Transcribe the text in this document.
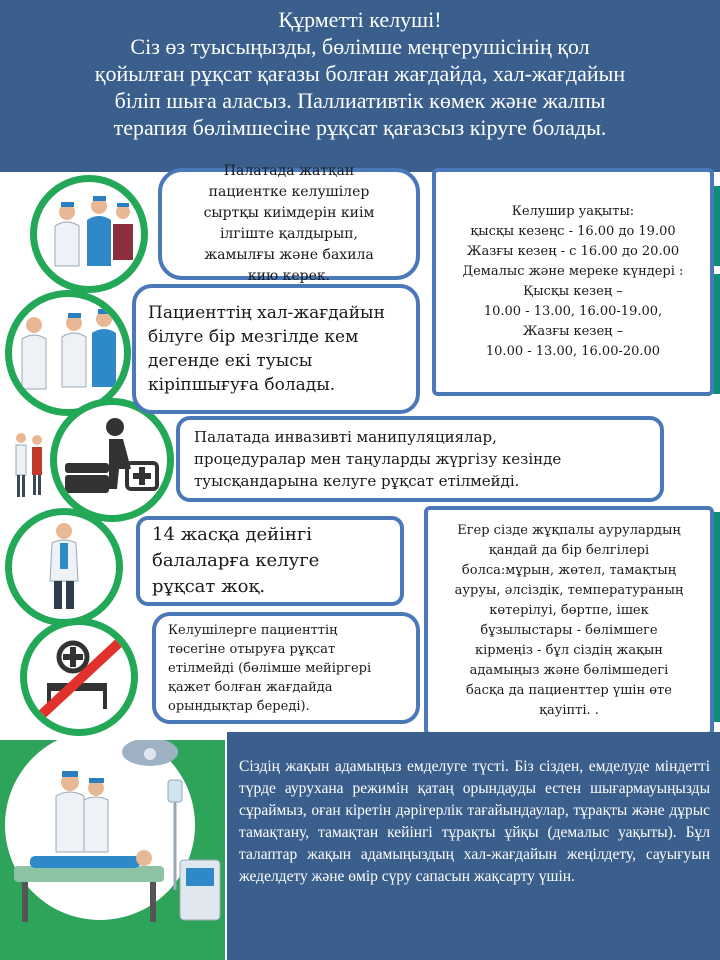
Құрметті келуші!
Сіз өз туысыңызды, бөлімше меңгерушісінің қол
қойылған рұқсат қағазы болған жағдайда, хал-жағдайын
біліп шыға аласыз. Паллиативтік көмек және жалпы
терапия бөлімшесіне рұқсат қағазсыз кіруге болады.
Палатада жатқан
пациентке келушілер
сыртқы киімдерін киім
ілгіште қалдырып,
жамылғы және бахила
кию керек.
Келушир уақыты:
қысқы кезеңс - 16.00 до 19.00
Жазғы кезең - с 16.00 до 20.00
Демалыс және мереке күндері :
Қысқы кезең –
10.00 - 13.00, 16.00-19.00,
Жазғы кезең –
10.00 - 13.00, 16.00-20.00
Пациенттің хал-жағдайын
білуге бір мезгілде кем
дегенде екі туысы
кіріпшығуға болады.
Палатада инвазивті манипуляциялар,
процедуралар мен таңуларды жүргізу кезінде
туысқандарына келуге рұқсат етілмейді.
14 жасқа дейінгі
балаларға келуге
рұқсат жоқ.
Егер сізде жұқпалы аурулардың
қандай да бір белгілері
болса:мұрын, жөтел, тамақтың
ауруы, әлсіздік, температураның
көтерілуі, бөртпе, ішек
бұзылыстары - бөлімшеге
кірмеңіз - бұл сіздің жақын
адамыңыз және бөлімшедегі
басқа да пациенттер үшін өте
қауіпті. .
Келушілерге пациенттің
төсегіне отыруға рұқсат
етілмейді (бөлімше мейіргері
қажет болған жағдайда
орындықтар береді).
Сіздің жақын адамыңыз емделуге түсті. Біз сізден, емделуде міндетті түрде аурухана режимін қатаң орындауды естен шығармауыңызды сұраймыз, оған кіретін дәрігерлік тағайындаулар, тұрақты және дұрыс тамақтану, тамақтан кейінгі тұрақты ұйқы (демалыс уақыты). Бұл талаптар жақын адамыңыздың хал-жағдайын жеңілдету, сауығуын жеделдету және өмір сүру сапасын жақсарту үшін.
